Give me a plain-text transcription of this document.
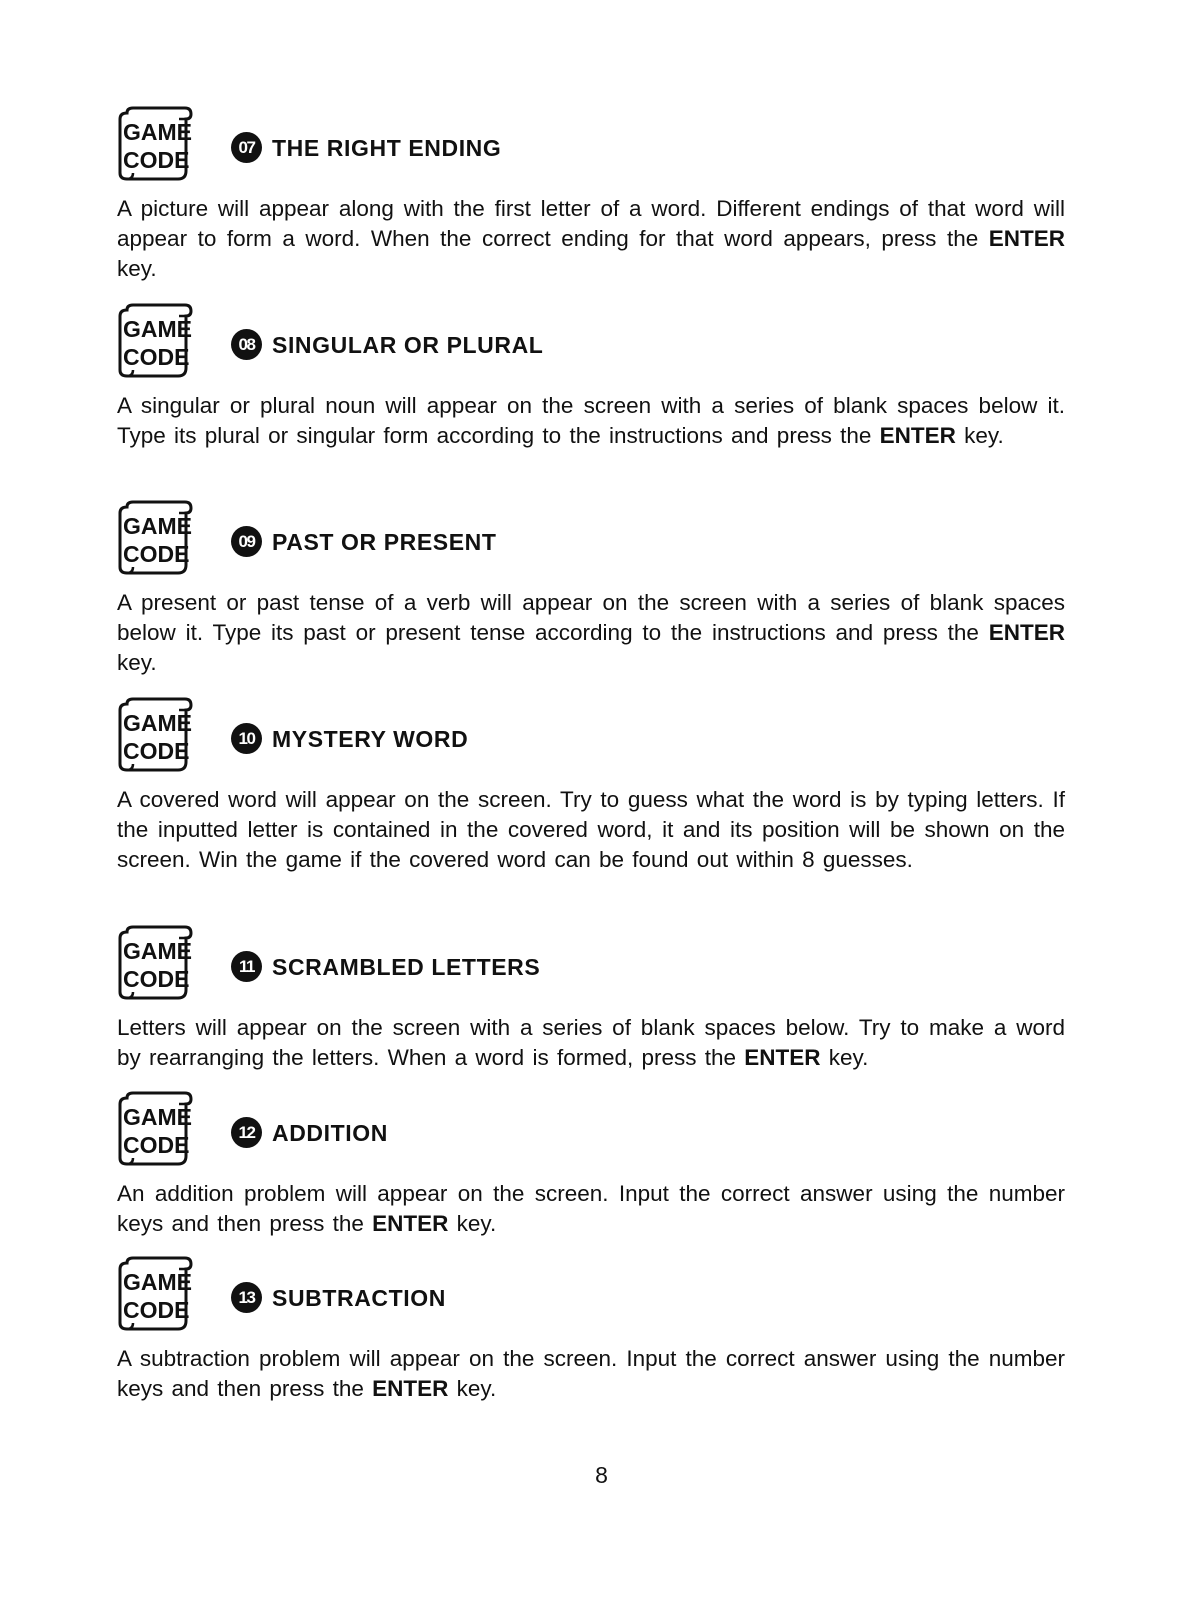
GAME
CODE	07 THE RIGHT ENDING
A picture will appear along with the first letter of a word. Different endings of that word will appear to form a word. When the correct ending for that word appears, press the ENTER key.
GAME
CODE	08 SINGULAR OR PLURAL
A singular or plural noun will appear on the screen with a series of blank spaces below it. Type its plural or singular form according to the instructions and press the ENTER key.
GAME
CODE	09 PAST OR PRESENT
A present or past tense of a verb will appear on the screen with a series of blank spaces below it. Type its past or present tense according to the instructions and press the ENTER key.
GAME
CODE	10 MYSTERY WORD
A covered word will appear on the screen. Try to guess what the word is by typing letters. If the inputted letter is contained in the covered word, it and its position will be shown on the screen. Win the game if the covered word can be found out within 8 guesses.
GAME
CODE	11 SCRAMBLED LETTERS
Letters will appear on the screen with a series of blank spaces below. Try to make a word by rearranging the letters. When a word is formed, press the ENTER key.
GAME
CODE	12 ADDITION
An addition problem will appear on the screen. Input the correct answer using the number keys and then press the ENTER key.
GAME
CODE	13 SUBTRACTION
A subtraction problem will appear on the screen. Input the correct answer using the number keys and then press the ENTER key.
8
